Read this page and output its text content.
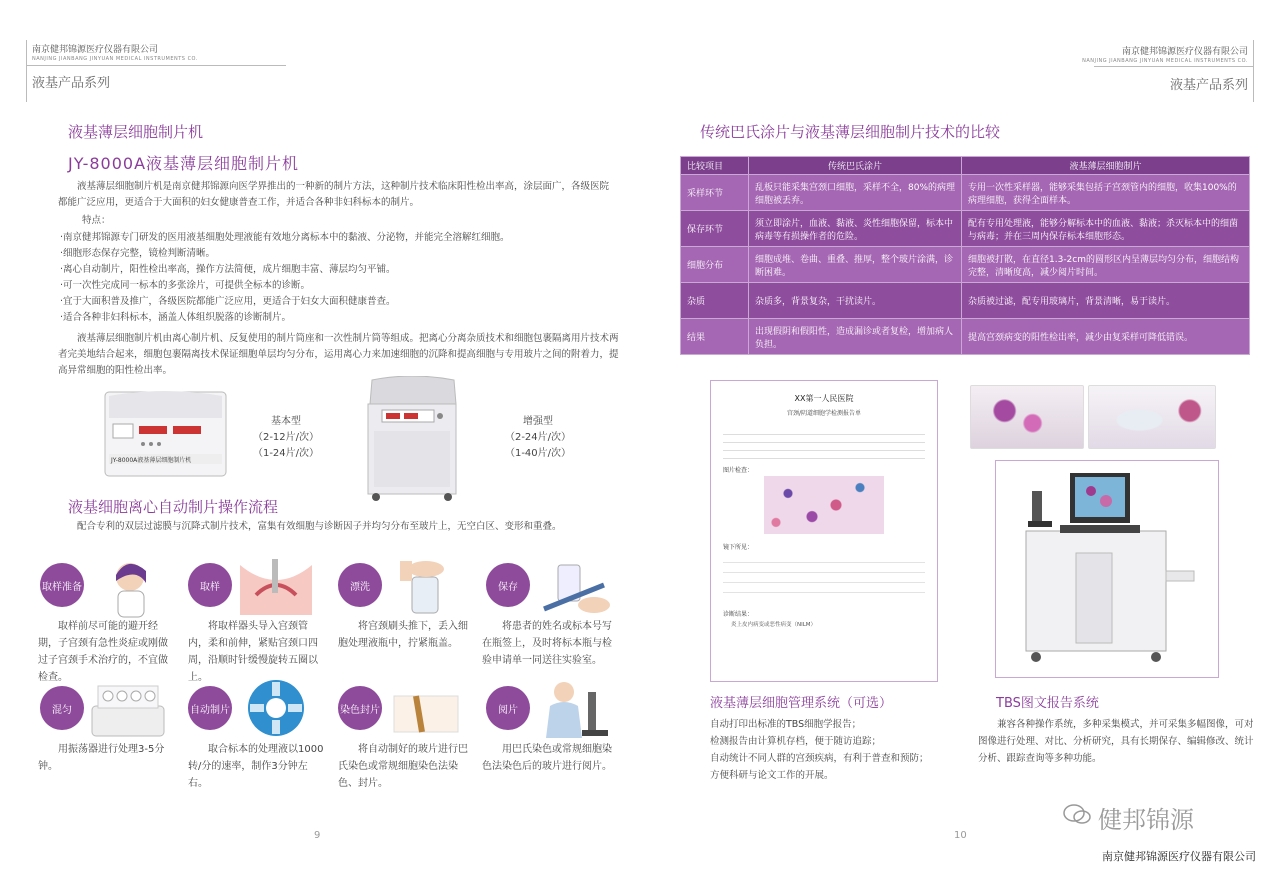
南京健邦锦源医疗仪器有限公司
NANJING JIANBANG JINYUAN MEDICAL INSTRUMENTS CO.
液基产品系列
液基薄层细胞制片机
JY-8000A液基薄层细胞制片机
液基薄层细胞制片机是南京健邦锦源向医学界推出的一种新的制片方法，这种制片技术临床阳性检出率高，涂层面广，各级医院都能广泛应用，更适合于大面积的妇女健康普查工作，并适合各种非妇科标本的制片。
特点：
·南京健邦锦源专门研发的医用液基细胞处理液能有效地分离标本中的黏液、分泌物，并能完全溶解红细胞。
·细胞形态保存完整，镜检判断清晰。
·离心自动制片，阳性检出率高，操作方法简便，成片细胞丰富、薄层均匀平铺。
·可一次性完成同一标本的多张涂片，可提供全标本的诊断。
·宜于大面积普及推广，各级医院都能广泛应用，更适合于妇女大面积健康普查。
·适合各种非妇科标本，涵盖人体组织脱落的诊断制片。
液基薄层细胞制片机由离心制片机、反复使用的制片筒座和一次性制片筒等组成。把离心分离杂质技术和细胞包裹隔离用片技术两者完美地结合起来，细胞包裹隔离技术保证细胞单层均匀分布，运用离心力来加速细胞的沉降和提高细胞与专用玻片之间的附着力，提高异常细胞的阳性检出率。
JY-8000A液基薄层细胞制片机
基本型
（2-12片/次）
（1-24片/次）
增强型
（2-24片/次）
（1-40片/次）
液基细胞离心自动制片操作流程
配合专利的双层过滤膜与沉降式制片技术，富集有效细胞与诊断因子并均匀分布至玻片上，无空白区、变形和重叠。
取样准备	取样	漂洗	保存
取样前尽可能的避开经期，子宫颈有急性炎症或刚做过子宫颈手术治疗的，不宜做检查。
将取样器头导入宫颈管内，柔和前伸，紧贴宫颈口四周，沿顺时针缓慢旋转五圈以上。
将宫颈刷头推下，丢入细胞处理液瓶中，拧紧瓶盖。
将患者的姓名或标本号写在瓶签上，及时将标本瓶与检验申请单一同送往实验室。
混匀	自动制片	染色封片	阅片
用振荡器进行处理3-5分钟。
取合标本的处理液以1000转/分的速率，制作3分钟左右。
将自动制好的玻片进行巴氏染色或常规细胞染色法染色、封片。
用巴氏染色或常规细胞染色法染色后的玻片进行阅片。
9
南京健邦锦源医疗仪器有限公司
NANJING JIANBANG JINYUAN MEDICAL INSTRUMENTS CO.
液基产品系列
传统巴氏涂片与液基薄层细胞制片技术的比较
比较项目	传统巴氏涂片	液基薄层细胞制片
采样环节	乱板只能采集宫颈口细胞，采样不全，80%的病理细胞被丢弃。	专用一次性采样器，能够采集包括子宫颈管内的细胞，收集100%的病理细胞，获得全面样本。
保存环节	须立即涂片，血液、黏液、炎性细胞保留，标本中病毒等有损操作者的危险。	配有专用处理液，能够分解标本中的血液、黏液；杀灭标本中的细菌与病毒；并在三周内保存标本细胞形态。
细胞分布	细胞成堆、卷曲、重叠、推厚，整个玻片涂满，诊断困难。	细胞被打散，在直径1.3-2cm的圆形区内呈薄层均匀分布，细胞结构完整，清晰度高，减少阅片时间。
杂质	杂质多，背景复杂，干扰读片。	杂质被过滤，配专用玻璃片，背景清晰，易于读片。
结果	出现假阴和假阳性，造成漏诊或者复检，增加病人负担。	提高宫颈病变的阳性检出率，减少由复采样可降低错误。
XX第一人民医院
宫颈/阴道细胞学检测报告单
图片检查：
镜下所见：
诊断结果：
炎上皮内病变或恶性病变（NILM）
液基薄层细胞管理系统（可选）
自动打印出标准的TBS细胞学报告；
检测报告由计算机存档，便于随访追踪；
自动统计不同人群的宫颈疾病，有利于普查和预防；
方便科研与论文工作的开展。
TBS图文报告系统
兼容各种操作系统，多种采集模式，并可采集多幅图像，可对图像进行处理、对比、分析研究，具有长期保存、编辑修改、统计分析、跟踪查询等多种功能。
10
健邦锦源
南京健邦锦源医疗仪器有限公司
